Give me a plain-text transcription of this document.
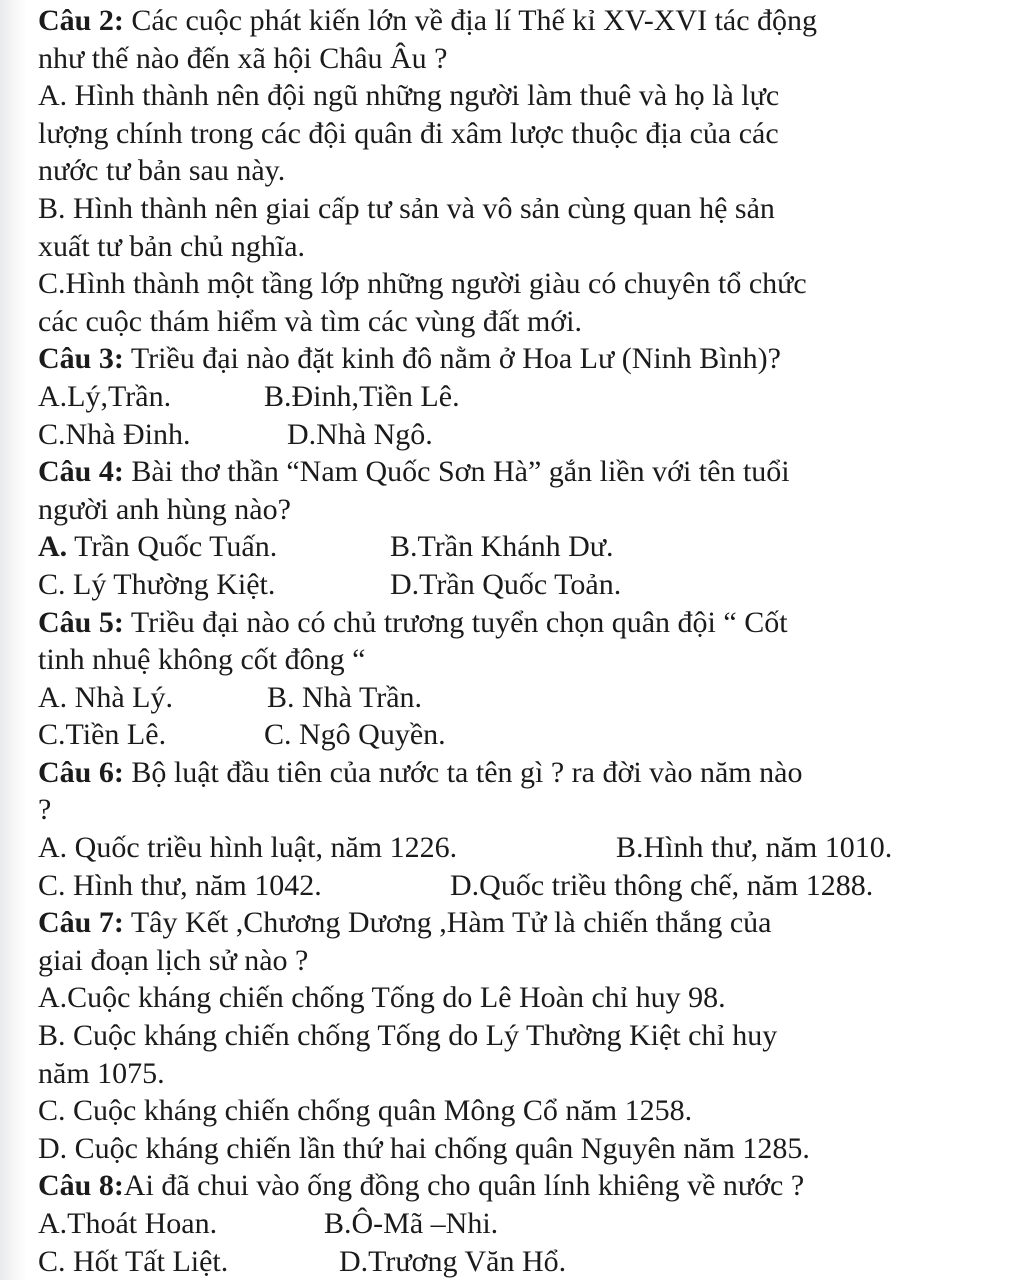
Câu 2: Các cuộc phát kiến lớn về địa lí Thế kỉ XV-XVI tác động
như thế nào đến xã hội Châu Âu ?
A. Hình thành nên đội ngũ những người làm thuê và họ là lực
lượng chính trong các đội quân đi xâm lược thuộc địa của các
nước tư bản sau này.
B. Hình thành nên giai cấp tư sản và vô sản cùng quan hệ sản
xuất tư bản chủ nghĩa.
C.Hình thành một tầng lớp những người giàu có chuyên tổ chức
các cuộc thám hiểm và tìm các vùng đất mới.
Câu 3: Triều đại nào đặt kinh đô nằm ở Hoa Lư (Ninh Bình)?
A.Lý,Trần.	B.Đinh,Tiền Lê.
C.Nhà Đinh.	D.Nhà Ngô.
Câu 4: Bài thơ thần “Nam Quốc Sơn Hà” gắn liền với tên tuổi
người anh hùng nào?
A. Trần Quốc Tuấn.	B.Trần Khánh Dư.
C. Lý Thường Kiệt.	D.Trần Quốc Toản.
Câu 5: Triều đại nào có chủ trương tuyển chọn quân đội “ Cốt
tinh nhuệ không cốt đông “
A. Nhà Lý.	B. Nhà Trần.
C.Tiền Lê.	C. Ngô Quyền.
Câu 6: Bộ luật đầu tiên của nước ta tên gì ? ra đời vào năm nào
?
A. Quốc triều hình luật, năm 1226.	B.Hình thư, năm 1010.
C. Hình thư, năm 1042.	D.Quốc triều thông chế, năm 1288.
Câu 7: Tây Kết ,Chương Dương ,Hàm Tử là chiến thắng của
giai đoạn lịch sử nào ?
A.Cuộc kháng chiến chống Tống do Lê Hoàn chỉ huy 98.
B. Cuộc kháng chiến chống Tống do Lý Thường Kiệt chỉ huy
năm 1075.
C. Cuộc kháng chiến chống quân Mông Cổ năm 1258.
D. Cuộc kháng chiến lần thứ hai chống quân Nguyên năm 1285.
Câu 8:Ai đã chui vào ống đồng cho quân lính khiêng về nước ?
A.Thoát Hoan.	B.Ô-Mã –Nhi.
C. Hốt Tất Liệt.	D.Trương Văn Hổ.
